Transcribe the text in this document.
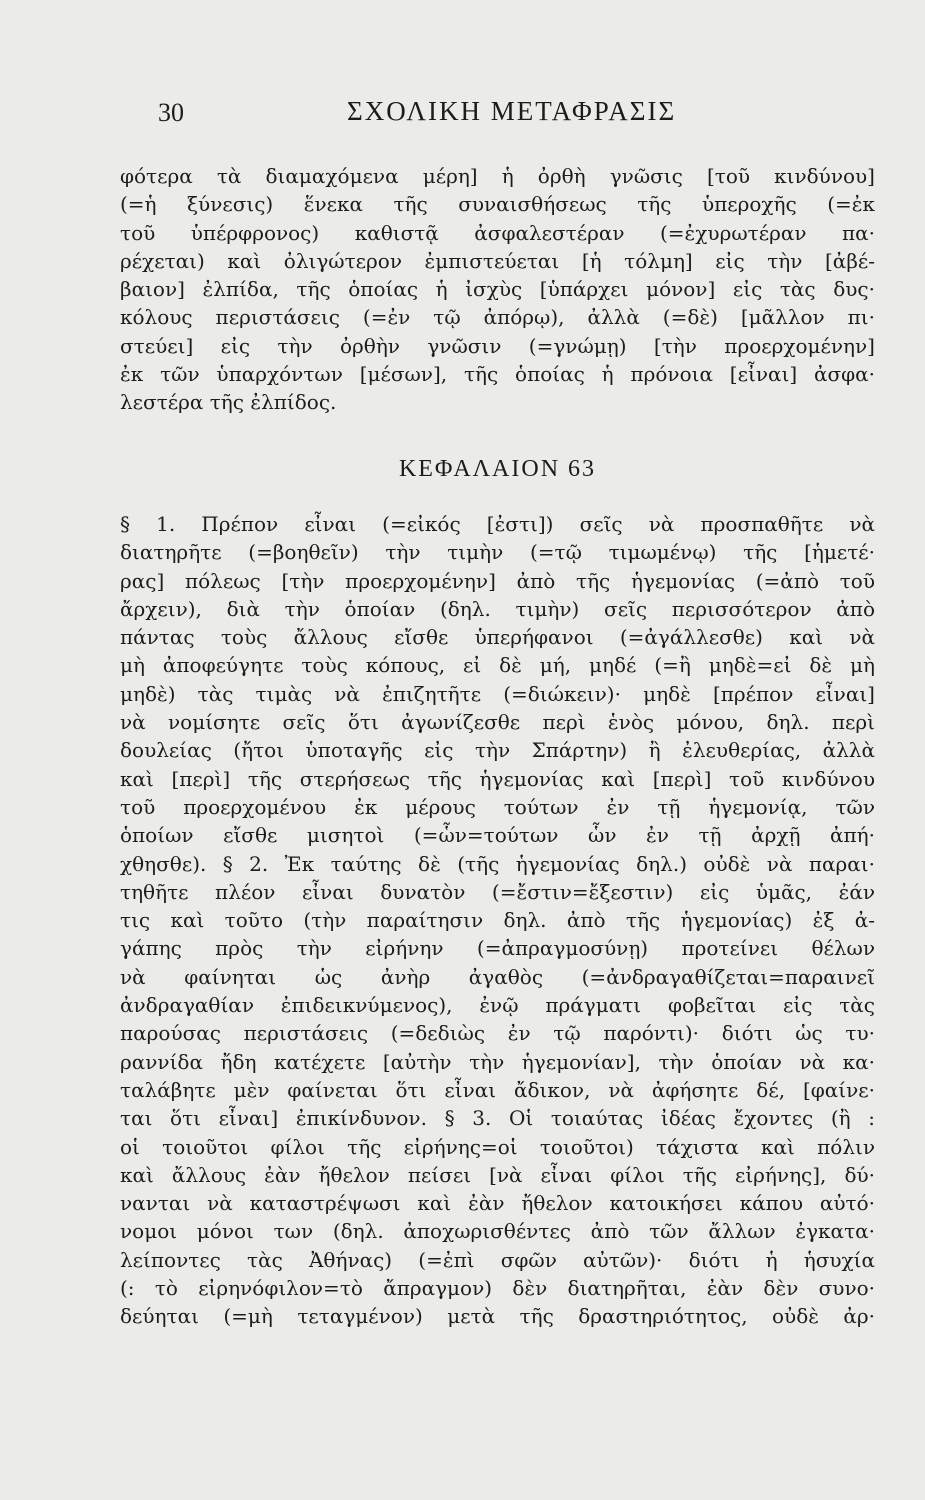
30	ΣΧΟΛΙΚΗ ΜΕΤΑΦΡΑΣΙΣ
φότερα τὰ διαμαχόμενα μέρη] ἡ ὀρθὴ γνῶσις [τοῦ κινδύνου]
(=ἡ ξύνεσις) ἕνεκα τῆς συναισθήσεως τῆς ὑπεροχῆς (=ἐκ
τοῦ ὑπέρφρονος) καθιστᾷ ἀσφαλεστέραν (=ἐχυρωτέραν πα·
ρέχεται) καὶ ὀλιγώτερον ἐμπιστεύεται [ἡ τόλμη] εἰς τὴν [ἀβέ-
βαιον] ἐλπίδα, τῆς ὁποίας ἡ ἰσχὺς [ὑπάρχει μόνον] εἰς τὰς δυς·
κόλους περιστάσεις (=ἐν τῷ ἀπόρῳ), ἀλλὰ (=δὲ) [μᾶλλον πι·
στεύει] εἰς τὴν ὀρθὴν γνῶσιν (=γνώμῃ) [τὴν προερχομένην]
ἐκ τῶν ὑπαρχόντων [μέσων], τῆς ὁποίας ἡ πρόνοια [εἶναι] ἀσφα·
λεστέρα τῆς ἐλπίδος.
ΚΕΦΑΛΑΙΟΝ 63
§ 1. Πρέπον εἶναι (=εἰκός [ἐστι]) σεῖς νὰ προσπαθῆτε νὰ
διατηρῆτε (=βοηθεῖν) τὴν τιμὴν (=τῷ τιμωμένῳ) τῆς [ἡμετέ·
ρας] πόλεως [τὴν προερχομένην] ἀπὸ τῆς ἡγεμονίας (=ἀπὸ τοῦ
ἄρχειν), διὰ τὴν ὁποίαν (δηλ. τιμὴν) σεῖς περισσότερον ἀπὸ
πάντας τοὺς ἄλλους εἴσθε ὑπερήφανοι (=ἀγάλλεσθε) καὶ νὰ
μὴ ἀποφεύγητε τοὺς κόπους, εἰ δὲ μή, μηδέ (=ἢ μηδὲ=εἰ δὲ μὴ
μηδὲ) τὰς τιμὰς νὰ ἐπιζητῆτε (=διώκειν)· μηδὲ [πρέπον εἶναι]
νὰ νομίσητε σεῖς ὅτι ἀγωνίζεσθε περὶ ἑνὸς μόνου, δηλ. περὶ
δουλείας (ἤτοι ὑποταγῆς εἰς τὴν Σπάρτην) ἢ ἐλευθερίας, ἀλλὰ
καὶ [περὶ] τῆς στερήσεως τῆς ἡγεμονίας καὶ [περὶ] τοῦ κινδύνου
τοῦ προερχομένου ἐκ μέρους τούτων ἐν τῇ ἡγεμονίᾳ, τῶν
ὁποίων εἴσθε μισητοὶ (=ὧν=τούτων ὧν ἐν τῇ ἀρχῇ ἀπή·
χθησθε). § 2. Ἐκ ταύτης δὲ (τῆς ἡγεμονίας δηλ.) οὐδὲ νὰ παραι·
τηθῆτε πλέον εἶναι δυνατὸν (=ἔστιν=ἔξεστιν) εἰς ὑμᾶς, ἐάν
τις καὶ τοῦτο (τὴν παραίτησιν δηλ. ἀπὸ τῆς ἡγεμονίας) ἐξ ἀ-
γάπης πρὸς τὴν εἰρήνην (=ἀπραγμοσύνῃ) προτείνει θέλων
νὰ φαίνηται ὡς ἀνὴρ ἀγαθὸς (=ἀνδραγαθίζεται=παραινεῖ
ἀνδραγαθίαν ἐπιδεικνύμενος), ἐνῷ πράγματι φοβεῖται εἰς τὰς
παρούσας περιστάσεις (=δεδιὼς ἐν τῷ παρόντι)· διότι ὡς τυ·
ραννίδα ἤδη κατέχετε [αὐτὴν τὴν ἡγεμονίαν], τὴν ὁποίαν νὰ κα·
ταλάβητε μὲν φαίνεται ὅτι εἶναι ἄδικον, νὰ ἀφήσητε δέ, [φαίνε·
ται ὅτι εἶναι] ἐπικίνδυνον. § 3. Οἱ τοιαύτας ἰδέας ἔχοντες (ἢ :
οἱ τοιοῦτοι φίλοι τῆς εἰρήνης=οἱ τοιοῦτοι) τάχιστα καὶ πόλιν
καὶ ἄλλους ἐὰν ἤθελον πείσει [νὰ εἶναι φίλοι τῆς εἰρήνης], δύ·
νανται νὰ καταστρέψωσι καὶ ἐὰν ἤθελον κατοικήσει κάπου αὐτό·
νομοι μόνοι των (δηλ. ἀποχωρισθέντες ἀπὸ τῶν ἄλλων ἐγκατα·
λείποντες τὰς Ἀθήνας) (=ἐπὶ σφῶν αὐτῶν)· διότι ἡ ἡσυχία
(: τὸ εἰρηνόφιλον=τὸ ἄπραγμον) δὲν διατηρῆται, ἐὰν δὲν συνο·
δεύηται (=μὴ τεταγμένον) μετὰ τῆς δραστηριότητος, οὐδὲ ἀρ·
